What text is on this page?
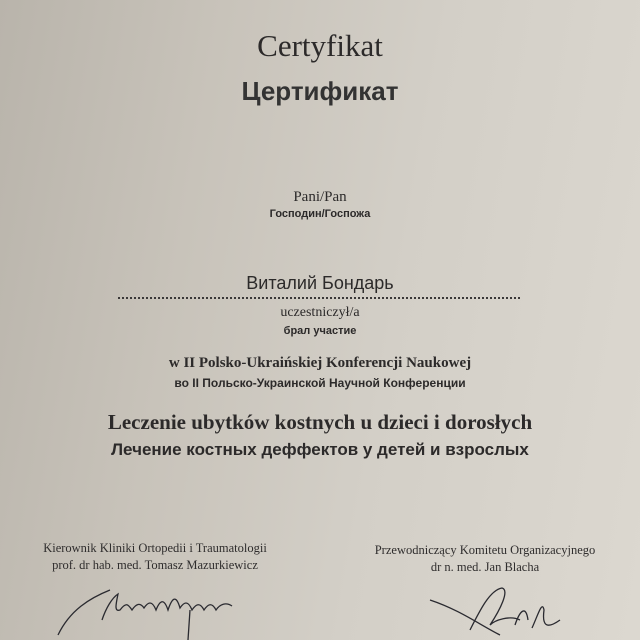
Certyfikat
Цертификат
Pani/Pan
Господин/Госпожа
Виталий Бондарь
uczestniczył/a
брал участие
w II Polsko-Ukraińskiej Konferencji Naukowej
во II Польско-Украинской Научной Конференции
Leczenie ubytków kostnych u dzieci i dorosłych
Лечение костных деффектов у детей и взрослых
Kierownik Kliniki Ortopedii i Traumatologii
prof. dr hab. med. Tomasz Mazurkiewicz
Przewodniczący Komitetu Organizacyjnego
dr n. med. Jan Blacha
